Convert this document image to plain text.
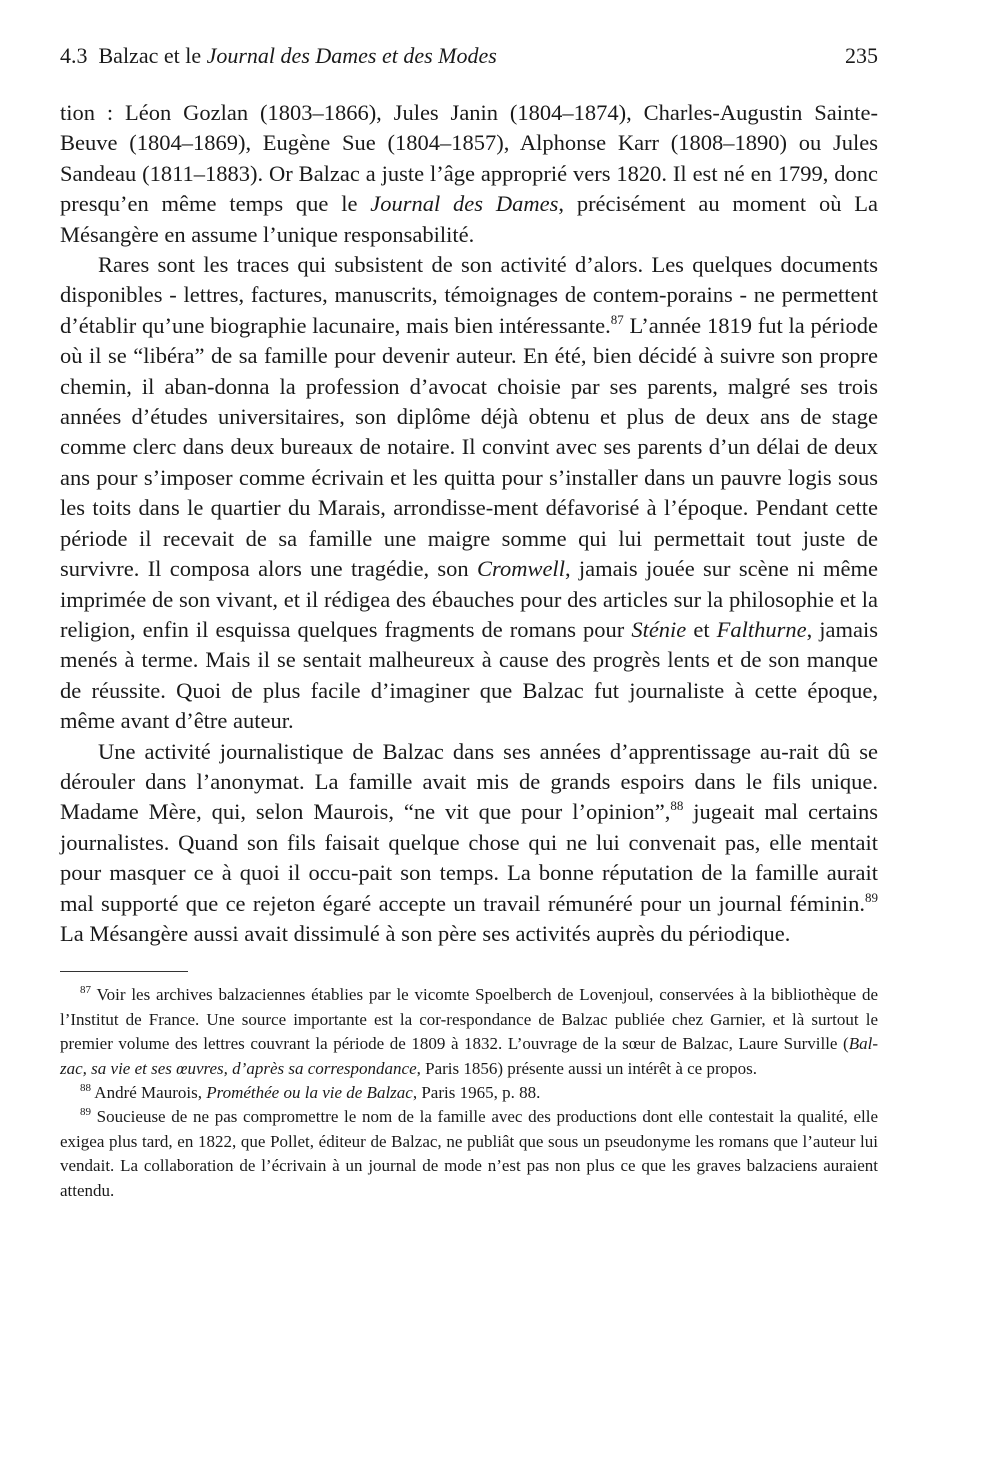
4.3 Balzac et le Journal des Dames et des Modes	235

tion : Léon Gozlan (1803–1866), Jules Janin (1804–1874), Charles-Augustin Sainte-Beuve (1804–1869), Eugène Sue (1804–1857), Alphonse Karr (1808–1890) ou Jules Sandeau (1811–1883). Or Balzac a juste l’âge approprié vers 1820. Il est né en 1799, donc presqu’en même temps que le Journal des Dames, précisément au moment où La Mésangère en assume l’unique responsabilité.

Rares sont les traces qui subsistent de son activité d’alors. Les quelques documents disponibles - lettres, factures, manuscrits, témoignages de contem-porains - ne permettent d’établir qu’une biographie lacunaire, mais bien intéressante.$^{87}$ L’année 1819 fut la période où il se “libéra” de sa famille pour devenir auteur. En été, bien décidé à suivre son propre chemin, il aban-donna la profession d’avocat choisie par ses parents, malgré ses trois années d’études universitaires, son diplôme déjà obtenu et plus de deux ans de stage comme clerc dans deux bureaux de notaire. Il convint avec ses parents d’un délai de deux ans pour s’imposer comme écrivain et les quitta pour s’installer dans un pauvre logis sous les toits dans le quartier du Marais, arrondisse-ment défavorisé à l’époque. Pendant cette période il recevait de sa famille une maigre somme qui lui permettait tout juste de survivre. Il composa alors une tragédie, son Cromwell, jamais jouée sur scène ni même imprimée de son vivant, et il rédigea des ébauches pour des articles sur la philosophie et la religion, enfin il esquissa quelques fragments de romans pour Sténie et Falthurne, jamais menés à terme. Mais il se sentait malheureux à cause des progrès lents et de son manque de réussite. Quoi de plus facile d’imaginer que Balzac fut journaliste à cette époque, même avant d’être auteur.

Une activité journalistique de Balzac dans ses années d’apprentissage au-rait dû se dérouler dans l’anonymat. La famille avait mis de grands espoirs dans le fils unique. Madame Mère, qui, selon Maurois, “ne vit que pour l’opinion”,$^{88}$ jugeait mal certains journalistes. Quand son fils faisait quelque chose qui ne lui convenait pas, elle mentait pour masquer ce à quoi il occu-pait son temps. La bonne réputation de la famille aurait mal supporté que ce rejeton égaré accepte un travail rémunéré pour un journal féminin.$^{89}$ La Mésangère aussi avait dissimulé à son père ses activités auprès du périodique.

$^{87}$ Voir les archives balzaciennes établies par le vicomte Spoelberch de Lovenjoul, conservées à la bibliothèque de l’Institut de France. Une source importante est la cor-respondance de Balzac publiée chez Garnier, et là surtout le premier volume des lettres couvrant la période de 1809 à 1832. L’ouvrage de la sœur de Balzac, Laure Surville (Bal-zac, sa vie et ses œuvres, d’après sa correspondance, Paris 1856) présente aussi un intérêt à ce propos.

$^{88}$ André Maurois, Prométhée ou la vie de Balzac, Paris 1965, p. 88.

$^{89}$ Soucieuse de ne pas compromettre le nom de la famille avec des productions dont elle contestait la qualité, elle exigea plus tard, en 1822, que Pollet, éditeur de Balzac, ne publiât que sous un pseudonyme les romans que l’auteur lui vendait. La collaboration de l’écrivain à un journal de mode n’est pas non plus ce que les graves balzaciens auraient attendu.
